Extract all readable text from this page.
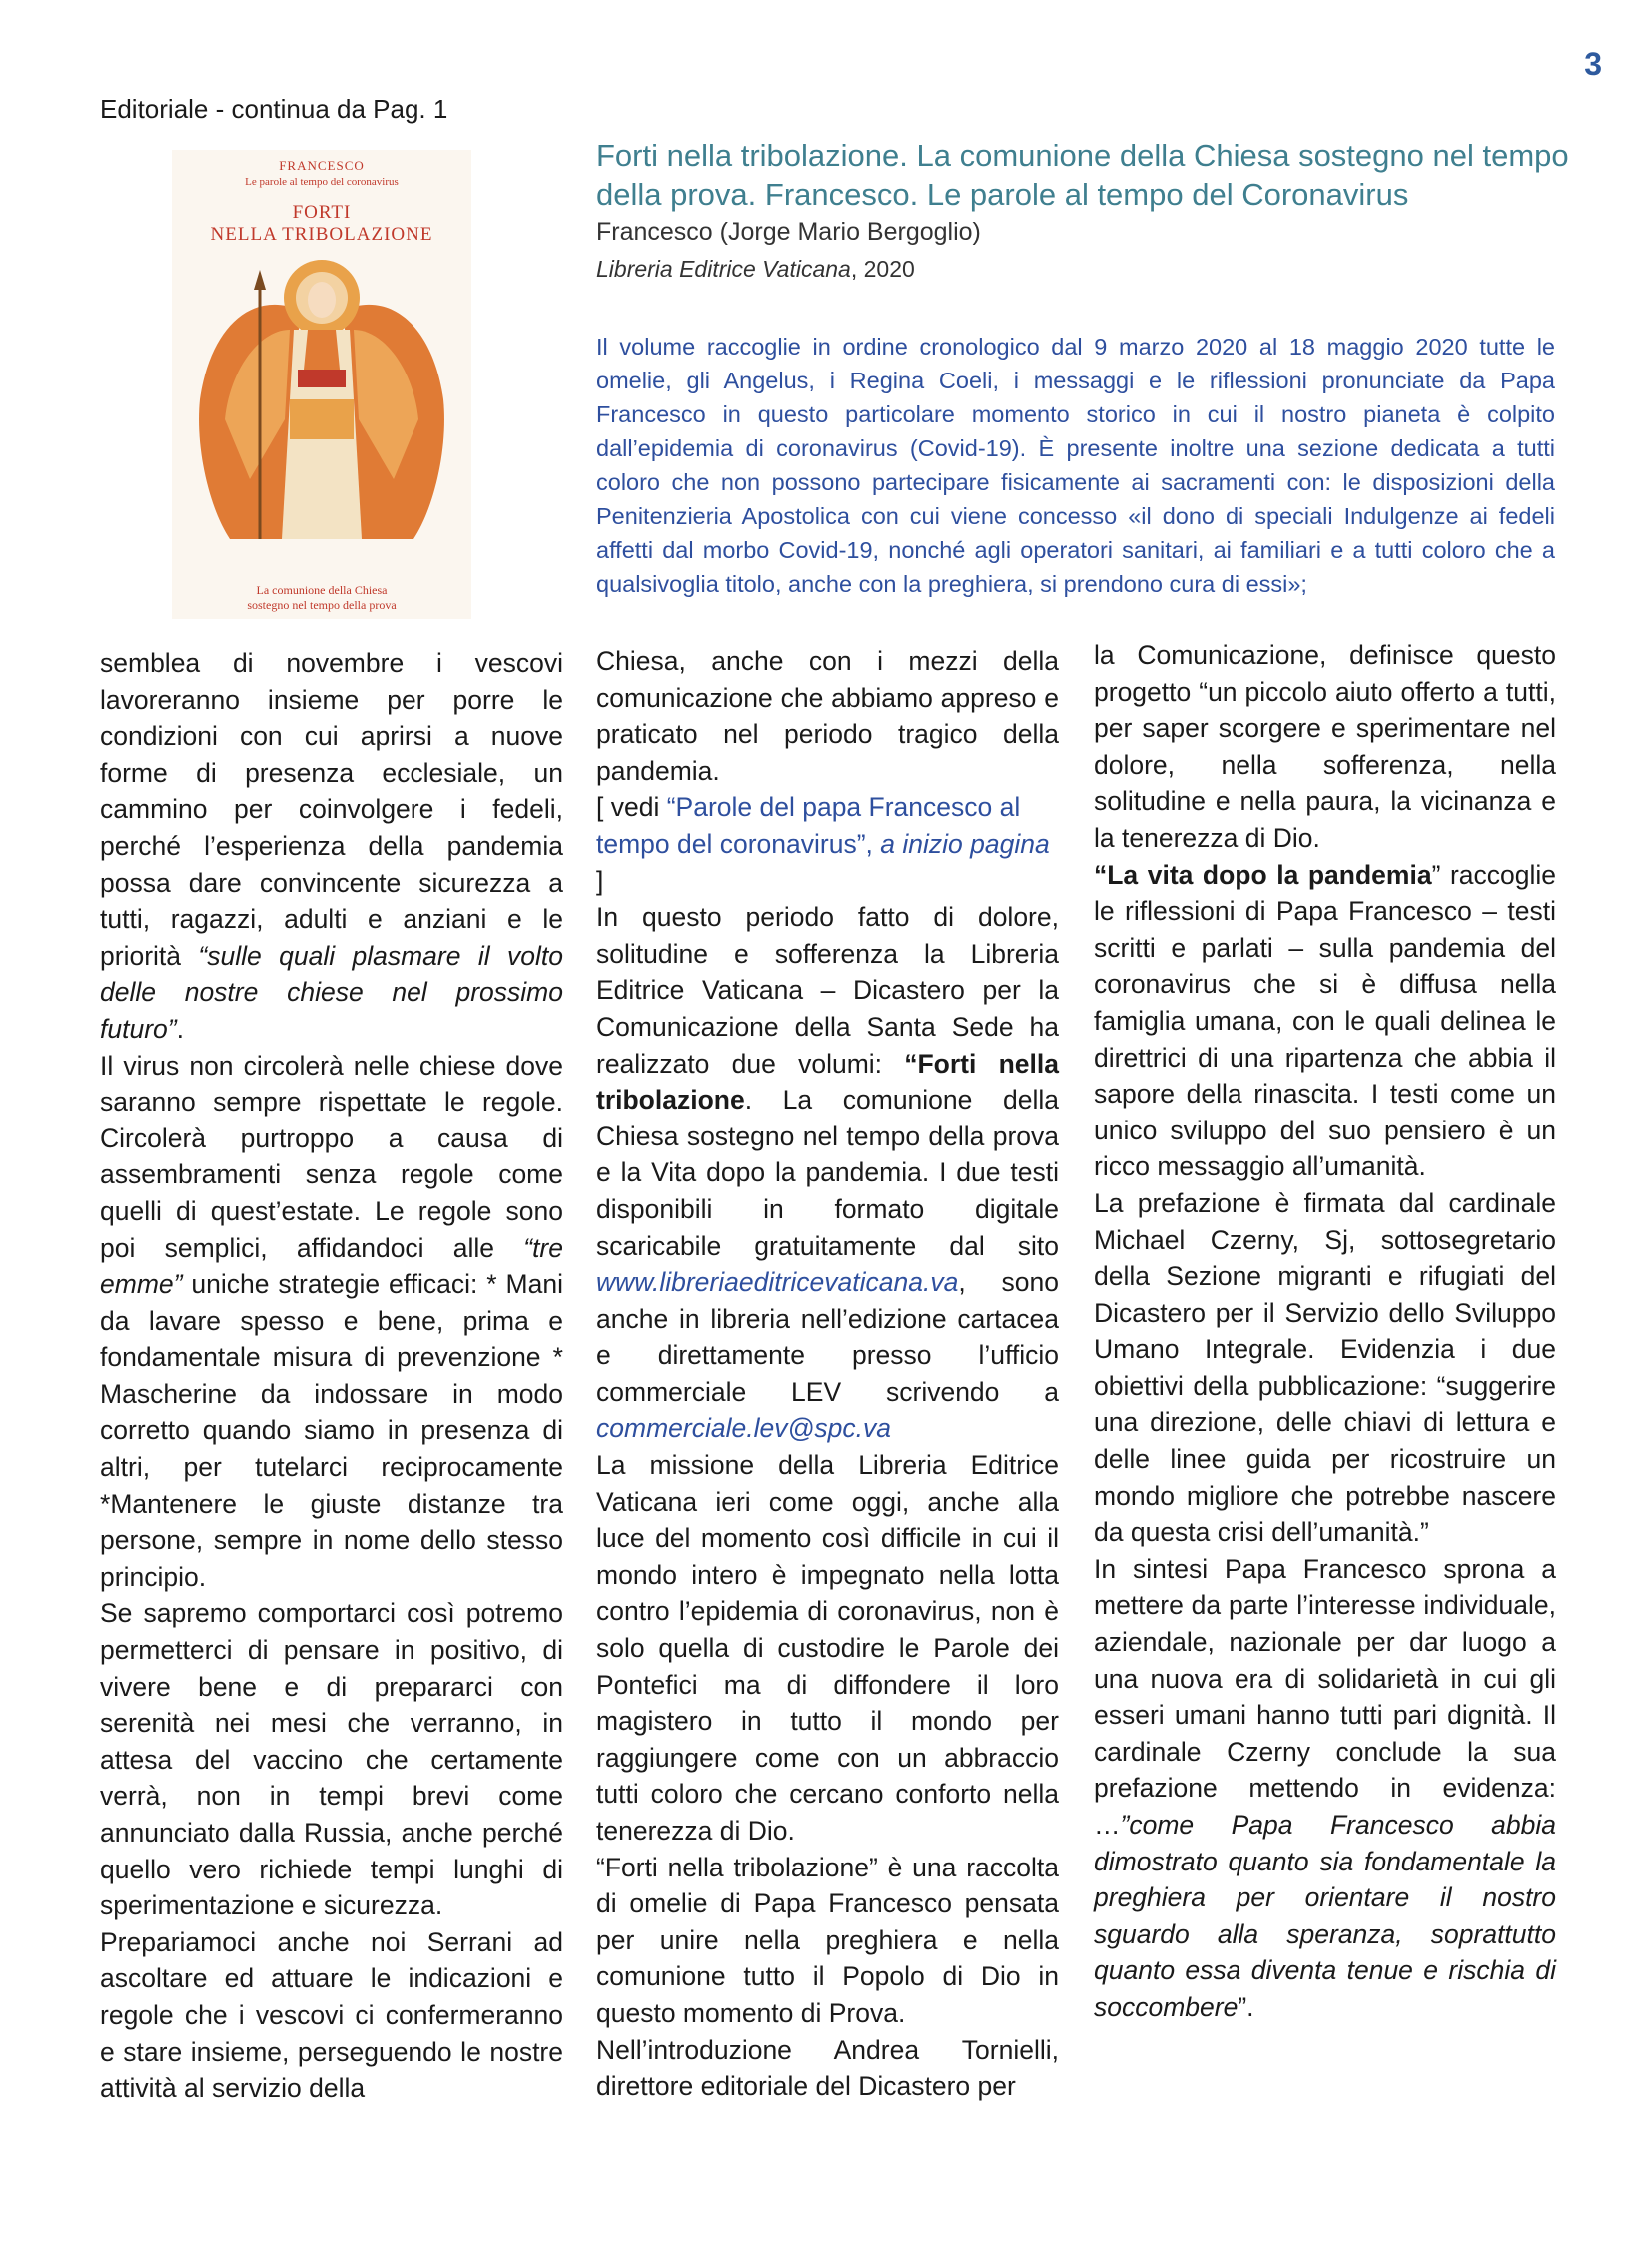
3
Editoriale - continua da Pag. 1
FRANCESCO
Le parole al tempo del coronavirus
FORTI
NELLA TRIBOLAZIONE
La comunione della Chiesa
sostegno nel tempo della prova
Forti nella tribolazione. La comunione della Chiesa sostegno nel tempo della prova. Francesco. Le parole al tempo del Coronavirus
Francesco (Jorge Mario Bergoglio)
Libreria Editrice Vaticana, 2020
Il volume raccoglie in ordine cronologico dal 9 marzo 2020 al 18 maggio 2020 tutte le omelie, gli Angelus, i Regina Coeli, i messaggi e le riflessioni pronunciate da Papa Francesco in questo particolare momento storico in cui il nostro pianeta è colpito dall’epidemia di coronavirus (Covid-19). È presente inoltre una sezione dedicata a tutti coloro che non possono partecipare fisicamente ai sacramenti con: le disposizioni della Penitenzieria Apostolica con cui viene concesso «il dono di speciali Indulgenze ai fedeli affetti dal morbo Covid-19, nonché agli operatori sanitari, ai familiari e a tutti coloro che a qualsivoglia titolo, anche con la preghiera, si prendono cura di essi»;

semblea di novembre i vescovi lavoreranno insieme per porre le condizioni con cui aprirsi a nuove forme di presenza ecclesiale, un cammino per coinvolgere i fedeli, perché l’esperienza della pandemia possa dare convincente sicurezza a tutti, ragazzi, adulti e anziani e le priorità “sulle quali plasmare il volto delle nostre chiese nel prossimo futuro”.

Il virus non circolerà nelle chiese dove saranno sempre rispettate le regole. Circolerà purtroppo a causa di assembramenti senza regole come quelli di quest’estate. Le regole sono poi semplici, affidandoci alle “tre emme” uniche strategie efficaci: * Mani da lavare spesso e bene, prima e fondamentale misura di prevenzione * Mascherine da indossare in modo corretto quando siamo in presenza di altri, per tutelarci reciprocamente *Mantenere le giuste distanze tra persone, sempre in nome dello stesso principio.

Se sapremo comportarci così potremo permetterci di pensare in positivo, di vivere bene e di prepararci con serenità nei mesi che verranno, in attesa del vaccino che certamente verrà, non in tempi brevi come annunciato dalla Russia, anche perché quello vero richiede tempi lunghi di sperimentazione e sicurezza.

Prepariamoci anche noi Serrani ad ascoltare ed attuare le indicazioni e regole che i vescovi ci confermeranno e stare insieme, perseguendo le nostre attività al servizio della

Chiesa, anche con i mezzi della comunicazione che abbiamo appreso e praticato nel periodo tragico della pandemia.

[ vedi “Parole del papa Francesco al tempo del coronavirus”, a inizio pagina ]

In questo periodo fatto di dolore, solitudine e sofferenza la Libreria Editrice Vaticana – Dicastero per la Comunicazione della Santa Sede ha realizzato due volumi: “Forti nella tribolazione. La comunione della Chiesa sostegno nel tempo della prova e la Vita dopo la pandemia. I due testi disponibili in formato digitale scaricabile gratuitamente dal sito www.libreriaeditricevaticana.va, sono anche in libreria nell’edizione cartacea e direttamente presso l’ufficio commerciale LEV scrivendo a commerciale.lev@spc.va

La missione della Libreria Editrice Vaticana ieri come oggi, anche alla luce del momento così difficile in cui il mondo intero è impegnato nella lotta contro l’epidemia di coronavirus, non è solo quella di custodire le Parole dei Pontefici ma di diffondere il loro magistero in tutto il mondo per raggiungere come con un abbraccio tutti coloro che cercano conforto nella tenerezza di Dio.

“Forti nella tribolazione” è una raccolta di omelie di Papa Francesco pensata per unire nella preghiera e nella comunione tutto il Popolo di Dio in questo momento di Prova.

Nell’introduzione Andrea Tornielli, direttore editoriale del Dicastero per

la Comunicazione, definisce questo progetto “un piccolo aiuto offerto a tutti, per saper scorgere e sperimentare nel dolore, nella sofferenza, nella solitudine e nella paura, la vicinanza e la tenerezza di Dio.

“La vita dopo la pandemia” raccoglie le riflessioni di Papa Francesco – testi scritti e parlati – sulla pandemia del coronavirus che si è diffusa nella famiglia umana, con le quali delinea le direttrici di una ripartenza che abbia il sapore della rinascita. I testi come un unico sviluppo del suo pensiero è un ricco messaggio all’umanità.

La prefazione è firmata dal cardinale Michael Czerny, Sj, sottosegretario della Sezione migranti e rifugiati del Dicastero per il Servizio dello Sviluppo Umano Integrale. Evidenzia i due obiettivi della pubblicazione: “suggerire una direzione, delle chiavi di lettura e delle linee guida per ricostruire un mondo migliore che potrebbe nascere da questa crisi dell’umanità.”

In sintesi Papa Francesco sprona a mettere da parte l’interesse individuale, aziendale, nazionale per dar luogo a una nuova era di solidarietà in cui gli esseri umani hanno tutti pari dignità. Il cardinale Czerny conclude la sua prefazione mettendo in evidenza: …”come Papa Francesco abbia dimostrato quanto sia fondamentale la preghiera per orientare il nostro sguardo alla speranza, soprattutto quanto essa diventa tenue e rischia di soccombere”.
